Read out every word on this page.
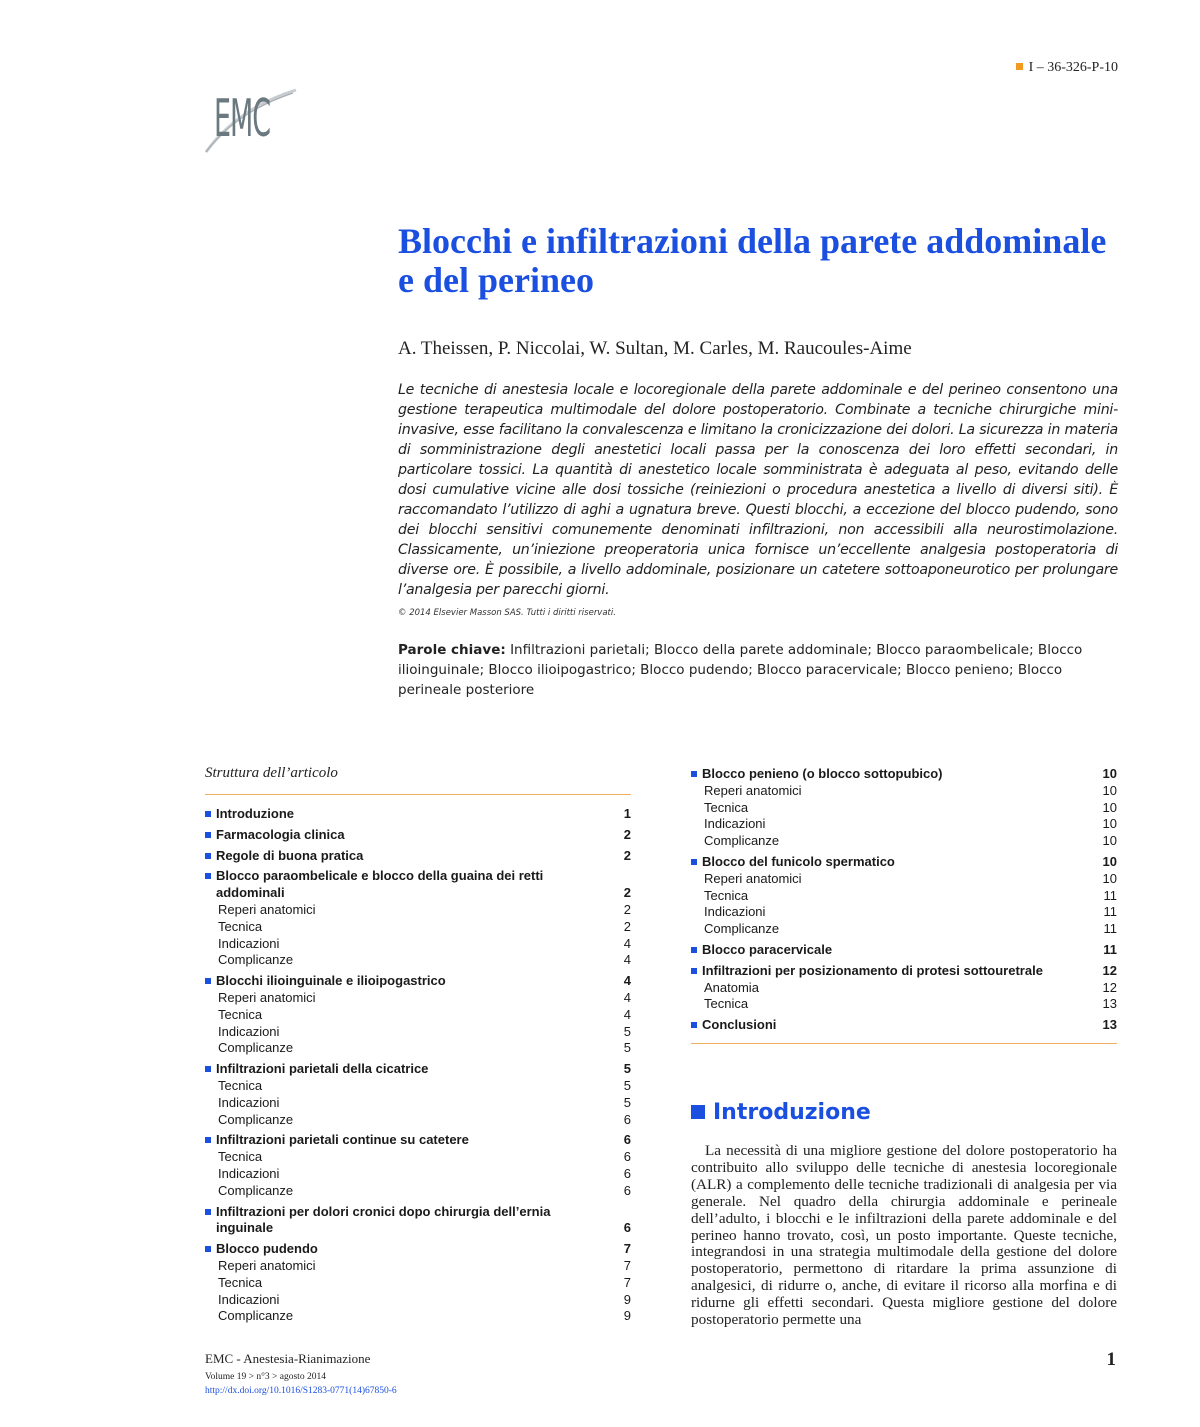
I – 36-326-P-10
EMC
Blocchi e infiltrazioni della parete addominale e del perineo
A. Theissen, P. Niccolai, W. Sultan, M. Carles, M. Raucoules-Aime

Le tecniche di anestesia locale e locoregionale della parete addominale e del perineo consentono una gestione terapeutica multimodale del dolore postoperatorio. Combinate a tecniche chirurgiche mini-invasive, esse facilitano la convalescenza e limitano la cronicizzazione dei dolori. La sicurezza in materia di somministrazione degli anestetici locali passa per la conoscenza dei loro effetti secondari, in particolare tossici. La quantità di anestetico locale somministrata è adeguata al peso, evitando delle dosi cumulative vicine alle dosi tossiche (reiniezioni o procedura anestetica a livello di diversi siti). È raccomandato l’utilizzo di aghi a ugnatura breve. Questi blocchi, a eccezione del blocco pudendo, sono dei blocchi sensitivi comunemente denominati infiltrazioni, non accessibili alla neurostimolazione. Classicamente, un’iniezione preoperatoria unica fornisce un’eccellente analgesia postoperatoria di diverse ore. È possibile, a livello addominale, posizionare un catetere sottoaponeurotico per prolungare l’analgesia per parecchi giorni.

© 2014 Elsevier Masson SAS. Tutti i diritti riservati.
Parole chiave: Infiltrazioni parietali; Blocco della parete addominale; Blocco paraombelicale; Blocco ilioinguinale; Blocco ilioipogastrico; Blocco pudendo; Blocco paracervicale; Blocco penieno; Blocco perineale posteriore
Struttura dell’articolo
Introduzione	1
Farmacologia clinica	2
Regole di buona pratica	2
Blocco paraombelicale e blocco della guaina dei retti addominali	2
Reperi anatomici	2
Tecnica	2
Indicazioni	4
Complicanze	4
Blocchi ilioinguinale e ilioipogastrico	4
Reperi anatomici	4
Tecnica	4
Indicazioni	5
Complicanze	5
Infiltrazioni parietali della cicatrice	5
Tecnica	5
Indicazioni	5
Complicanze	6
Infiltrazioni parietali continue su catetere	6
Tecnica	6
Indicazioni	6
Complicanze	6
Infiltrazioni per dolori cronici dopo chirurgia dell’ernia inguinale	6
Blocco pudendo	7
Reperi anatomici	7
Tecnica	7
Indicazioni	9
Complicanze	9
Blocco penieno (o blocco sottopubico)	10
Reperi anatomici	10
Tecnica	10
Indicazioni	10
Complicanze	10
Blocco del funicolo spermatico	10
Reperi anatomici	10
Tecnica	11
Indicazioni	11
Complicanze	11
Blocco paracervicale	11
Infiltrazioni per posizionamento di protesi sottouretrale	12
Anatomia	12
Tecnica	13
Conclusioni	13
Introduzione

La necessità di una migliore gestione del dolore postoperatorio ha contribuito allo sviluppo delle tecniche di anestesia locoregionale (ALR) a complemento delle tecniche tradizionali di analgesia per via generale. Nel quadro della chirurgia addominale e perineale dell’adulto, i blocchi e le infiltrazioni della parete addominale e del perineo hanno trovato, così, un posto importante. Queste tecniche, integrandosi in una strategia multimodale della gestione del dolore postoperatorio, permettono di ritardare la prima assunzione di analgesici, di ridurre o, anche, di evitare il ricorso alla morfina e di ridurne gli effetti secondari. Questa migliore gestione del dolore postoperatorio permette una

EMC - Anestesia-Rianimazione
Volume 19 > n°3 > agosto 2014
http://dx.doi.org/10.1016/S1283-0771(14)67850-6
1
